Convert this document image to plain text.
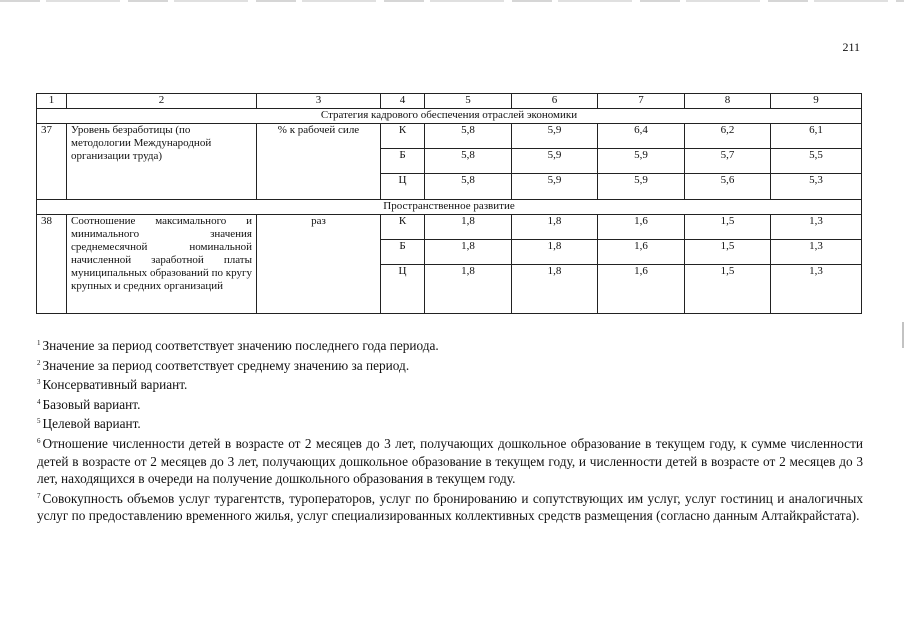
211
1	2	3	4	5	6	7	8	9
Стратегия кадрового обеспечения отраслей экономики								
37	Уровень безработицы (по методологии Международной организации труда)	% к рабочей силе	К	5,8	5,9	6,4	6,2	6,1
			Б	5,8	5,9	5,9	5,7	5,5
			Ц	5,8	5,9	5,9	5,6	5,3
Пространственное развитие								
38	Соотношение максимального и минимального значения среднемесячной номинальной начисленной заработной платы муниципальных образований по кругу крупных и средних организаций	раз	К	1,8	1,8	1,6	1,5	1,3
			Б	1,8	1,8	1,6	1,5	1,3
			Ц	1,8	1,8	1,6	1,5	1,3

$^1$ Значение за период соответствует значению последнего года периода.

$^2$ Значение за период соответствует среднему значению за период.

$^3$ Консервативный вариант.

$^4$ Базовый вариант.

$^5$ Целевой вариант.

$^6$ Отношение численности детей в возрасте от 2 месяцев до 3 лет, получающих дошкольное образование в текущем году, к сумме численности детей в возрасте от 2 месяцев до 3 лет, получающих дошкольное образование в текущем году, и численности детей в возрасте от 2 месяцев до 3 лет, находящихся в очереди на получение дошкольного образования в текущем году.

$^7$ Совокупность объемов услуг турагентств, туроператоров, услуг по бронированию и сопутствующих им услуг, услуг гостиниц и аналогичных услуг по предоставлению временного жилья, услуг специализированных коллективных средств размещения (согласно данным Алтайкрайстата).
